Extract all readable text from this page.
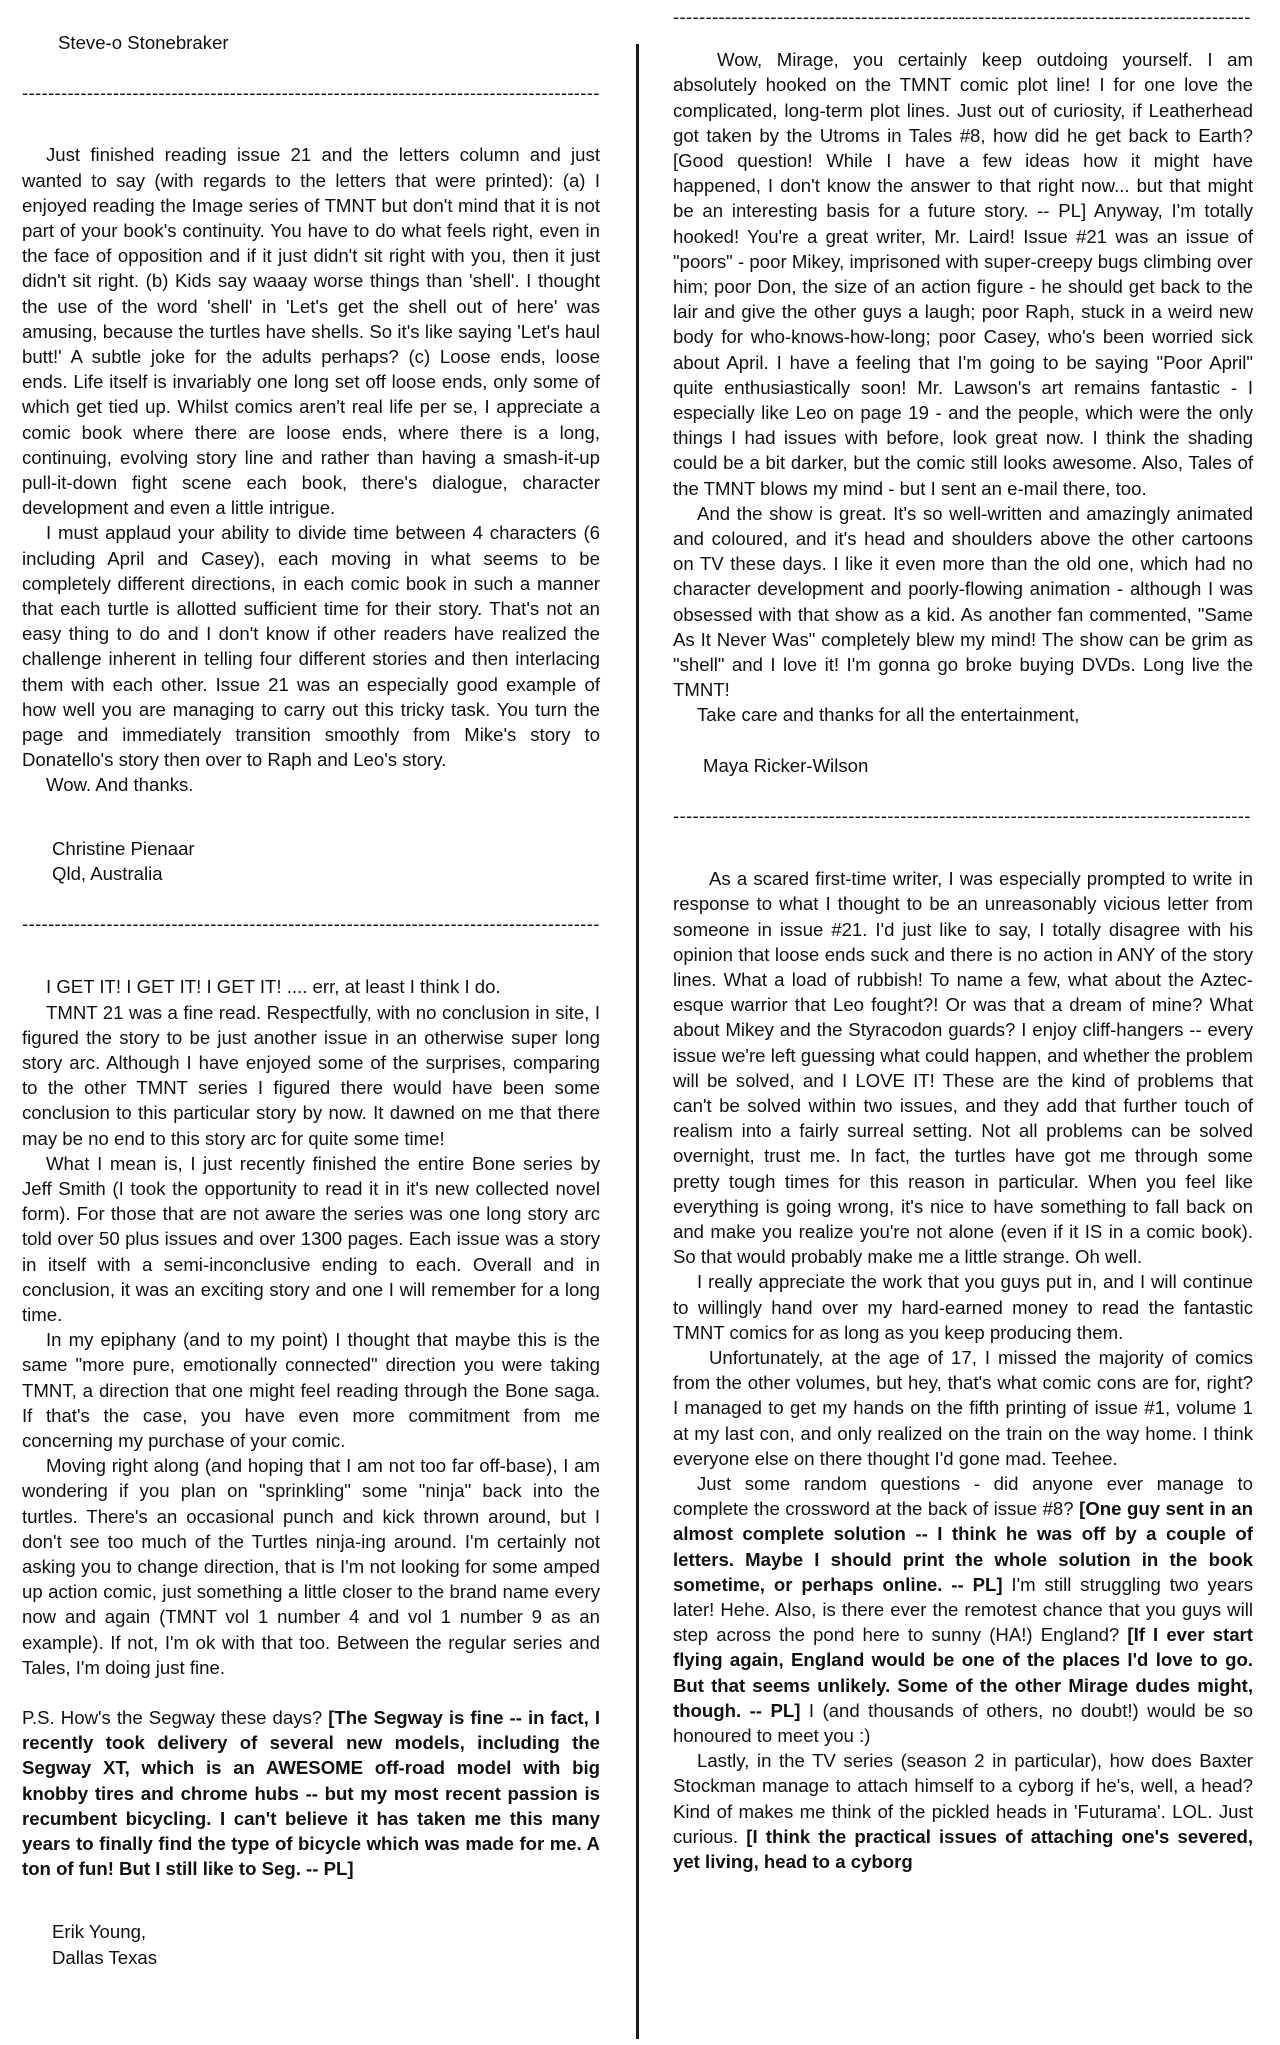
Steve-o Stonebraker
-----------------------------------------------------------------------------------------

Just finished reading issue 21 and the letters column and just wanted to say (with regards to the letters that were printed): (a) I enjoyed reading the Image series of TMNT but don't mind that it is not part of your book's continuity. You have to do what feels right, even in the face of opposition and if it just didn't sit right with you, then it just didn't sit right. (b) Kids say waaay worse things than 'shell'. I thought the use of the word 'shell' in 'Let's get the shell out of here' was amusing, because the turtles have shells. So it's like saying 'Let's haul butt!' A subtle joke for the adults perhaps? (c) Loose ends, loose ends. Life itself is invariably one long set off loose ends, only some of which get tied up. Whilst comics aren't real life per se, I appreciate a comic book where there are loose ends, where there is a long, continuing, evolving story line and rather than having a smash-it-up pull-it-down fight scene each book, there's dialogue, character development and even a little intrigue.

I must applaud your ability to divide time between 4 characters (6 including April and Casey), each moving in what seems to be completely different directions, in each comic book in such a manner that each turtle is allotted sufficient time for their story. That's not an easy thing to do and I don't know if other readers have realized the challenge inherent in telling four different stories and then interlacing them with each other. Issue 21 was an especially good example of how well you are managing to carry out this tricky task. You turn the page and immediately transition smoothly from Mike's story to Donatello's story then over to Raph and Leo's story.

Wow. And thanks.

Christine Pienaar
Qld, Australia
-----------------------------------------------------------------------------------------

I GET IT! I GET IT! I GET IT! .... err, at least I think I do.

TMNT 21 was a fine read. Respectfully, with no conclusion in site, I figured the story to be just another issue in an otherwise super long story arc. Although I have enjoyed some of the surprises, comparing to the other TMNT series I figured there would have been some conclusion to this particular story by now. It dawned on me that there may be no end to this story arc for quite some time!

What I mean is, I just recently finished the entire Bone series by Jeff Smith (I took the opportunity to read it in it's new collected novel form). For those that are not aware the series was one long story arc told over 50 plus issues and over 1300 pages. Each issue was a story in itself with a semi-inconclusive ending to each. Overall and in conclusion, it was an exciting story and one I will remember for a long time.

In my epiphany (and to my point) I thought that maybe this is the same "more pure, emotionally connected" direction you were taking TMNT, a direction that one might feel reading through the Bone saga. If that's the case, you have even more commitment from me concerning my purchase of your comic.

Moving right along (and hoping that I am not too far off-base), I am wondering if you plan on "sprinkling" some "ninja" back into the turtles. There's an occasional punch and kick thrown around, but I don't see too much of the Turtles ninja-ing around. I'm certainly not asking you to change direction, that is I'm not looking for some amped up action comic, just something a little closer to the brand name every now and again (TMNT vol 1 number 4 and vol 1 number 9 as an example). If not, I'm ok with that too. Between the regular series and Tales, I'm doing just fine.

P.S. How's the Segway these days? [The Segway is fine -- in fact, I recently took delivery of several new models, including the Segway XT, which is an AWESOME off-road model with big knobby tires and chrome hubs -- but my most recent passion is recumbent bicycling. I can't believe it has taken me this many years to finally find the type of bicycle which was made for me. A ton of fun! But I still like to Seg. -- PL]

Erik Young,
Dallas Texas
-----------------------------------------------------------------------------------------

Wow, Mirage, you certainly keep outdoing yourself. I am absolutely hooked on the TMNT comic plot line! I for one love the complicated, long-term plot lines. Just out of curiosity, if Leatherhead got taken by the Utroms in Tales #8, how did he get back to Earth? [Good question! While I have a few ideas how it might have happened, I don't know the answer to that right now... but that might be an interesting basis for a future story. -- PL] Anyway, I'm totally hooked! You're a great writer, Mr. Laird! Issue #21 was an issue of "poors" - poor Mikey, imprisoned with super-creepy bugs climbing over him; poor Don, the size of an action figure - he should get back to the lair and give the other guys a laugh; poor Raph, stuck in a weird new body for who-knows-how-long; poor Casey, who's been worried sick about April. I have a feeling that I'm going to be saying "Poor April" quite enthusiastically soon! Mr. Lawson's art remains fantastic - I especially like Leo on page 19 - and the people, which were the only things I had issues with before, look great now. I think the shading could be a bit darker, but the comic still looks awesome. Also, Tales of the TMNT blows my mind - but I sent an e-mail there, too.

And the show is great. It's so well-written and amazingly animated and coloured, and it's head and shoulders above the other cartoons on TV these days. I like it even more than the old one, which had no character development and poorly-flowing animation - although I was obsessed with that show as a kid. As another fan commented, "Same As It Never Was" completely blew my mind! The show can be grim as "shell" and I love it! I'm gonna go broke buying DVDs. Long live the TMNT!

Take care and thanks for all the entertainment,

Maya Ricker-Wilson
-----------------------------------------------------------------------------------------

As a scared first-time writer, I was especially prompted to write in response to what I thought to be an unreasonably vicious letter from someone in issue #21. I'd just like to say, I totally disagree with his opinion that loose ends suck and there is no action in ANY of the story lines. What a load of rubbish! To name a few, what about the Aztec-esque warrior that Leo fought?! Or was that a dream of mine? What about Mikey and the Styracodon guards? I enjoy cliff-hangers -- every issue we're left guessing what could happen, and whether the problem will be solved, and I LOVE IT! These are the kind of problems that can't be solved within two issues, and they add that further touch of realism into a fairly surreal setting. Not all problems can be solved overnight, trust me. In fact, the turtles have got me through some pretty tough times for this reason in particular. When you feel like everything is going wrong, it's nice to have something to fall back on and make you realize you're not alone (even if it IS in a comic book). So that would probably make me a little strange. Oh well.

I really appreciate the work that you guys put in, and I will continue to willingly hand over my hard-earned money to read the fantastic TMNT comics for as long as you keep producing them.

Unfortunately, at the age of 17, I missed the majority of comics from the other volumes, but hey, that's what comic cons are for, right? I managed to get my hands on the fifth printing of issue #1, volume 1 at my last con, and only realized on the train on the way home. I think everyone else on there thought I'd gone mad. Teehee.

Just some random questions - did anyone ever manage to complete the crossword at the back of issue #8? [One guy sent in an almost complete solution -- I think he was off by a couple of letters. Maybe I should print the whole solution in the book sometime, or perhaps online. -- PL] I'm still struggling two years later! Hehe. Also, is there ever the remotest chance that you guys will step across the pond here to sunny (HA!) England? [If I ever start flying again, England would be one of the places I'd love to go. But that seems unlikely. Some of the other Mirage dudes might, though. -- PL] I (and thousands of others, no doubt!) would be so honoured to meet you :)

Lastly, in the TV series (season 2 in particular), how does Baxter Stockman manage to attach himself to a cyborg if he's, well, a head? Kind of makes me think of the pickled heads in 'Futurama'. LOL. Just curious. [I think the practical issues of attaching one's severed, yet living, head to a cyborg
